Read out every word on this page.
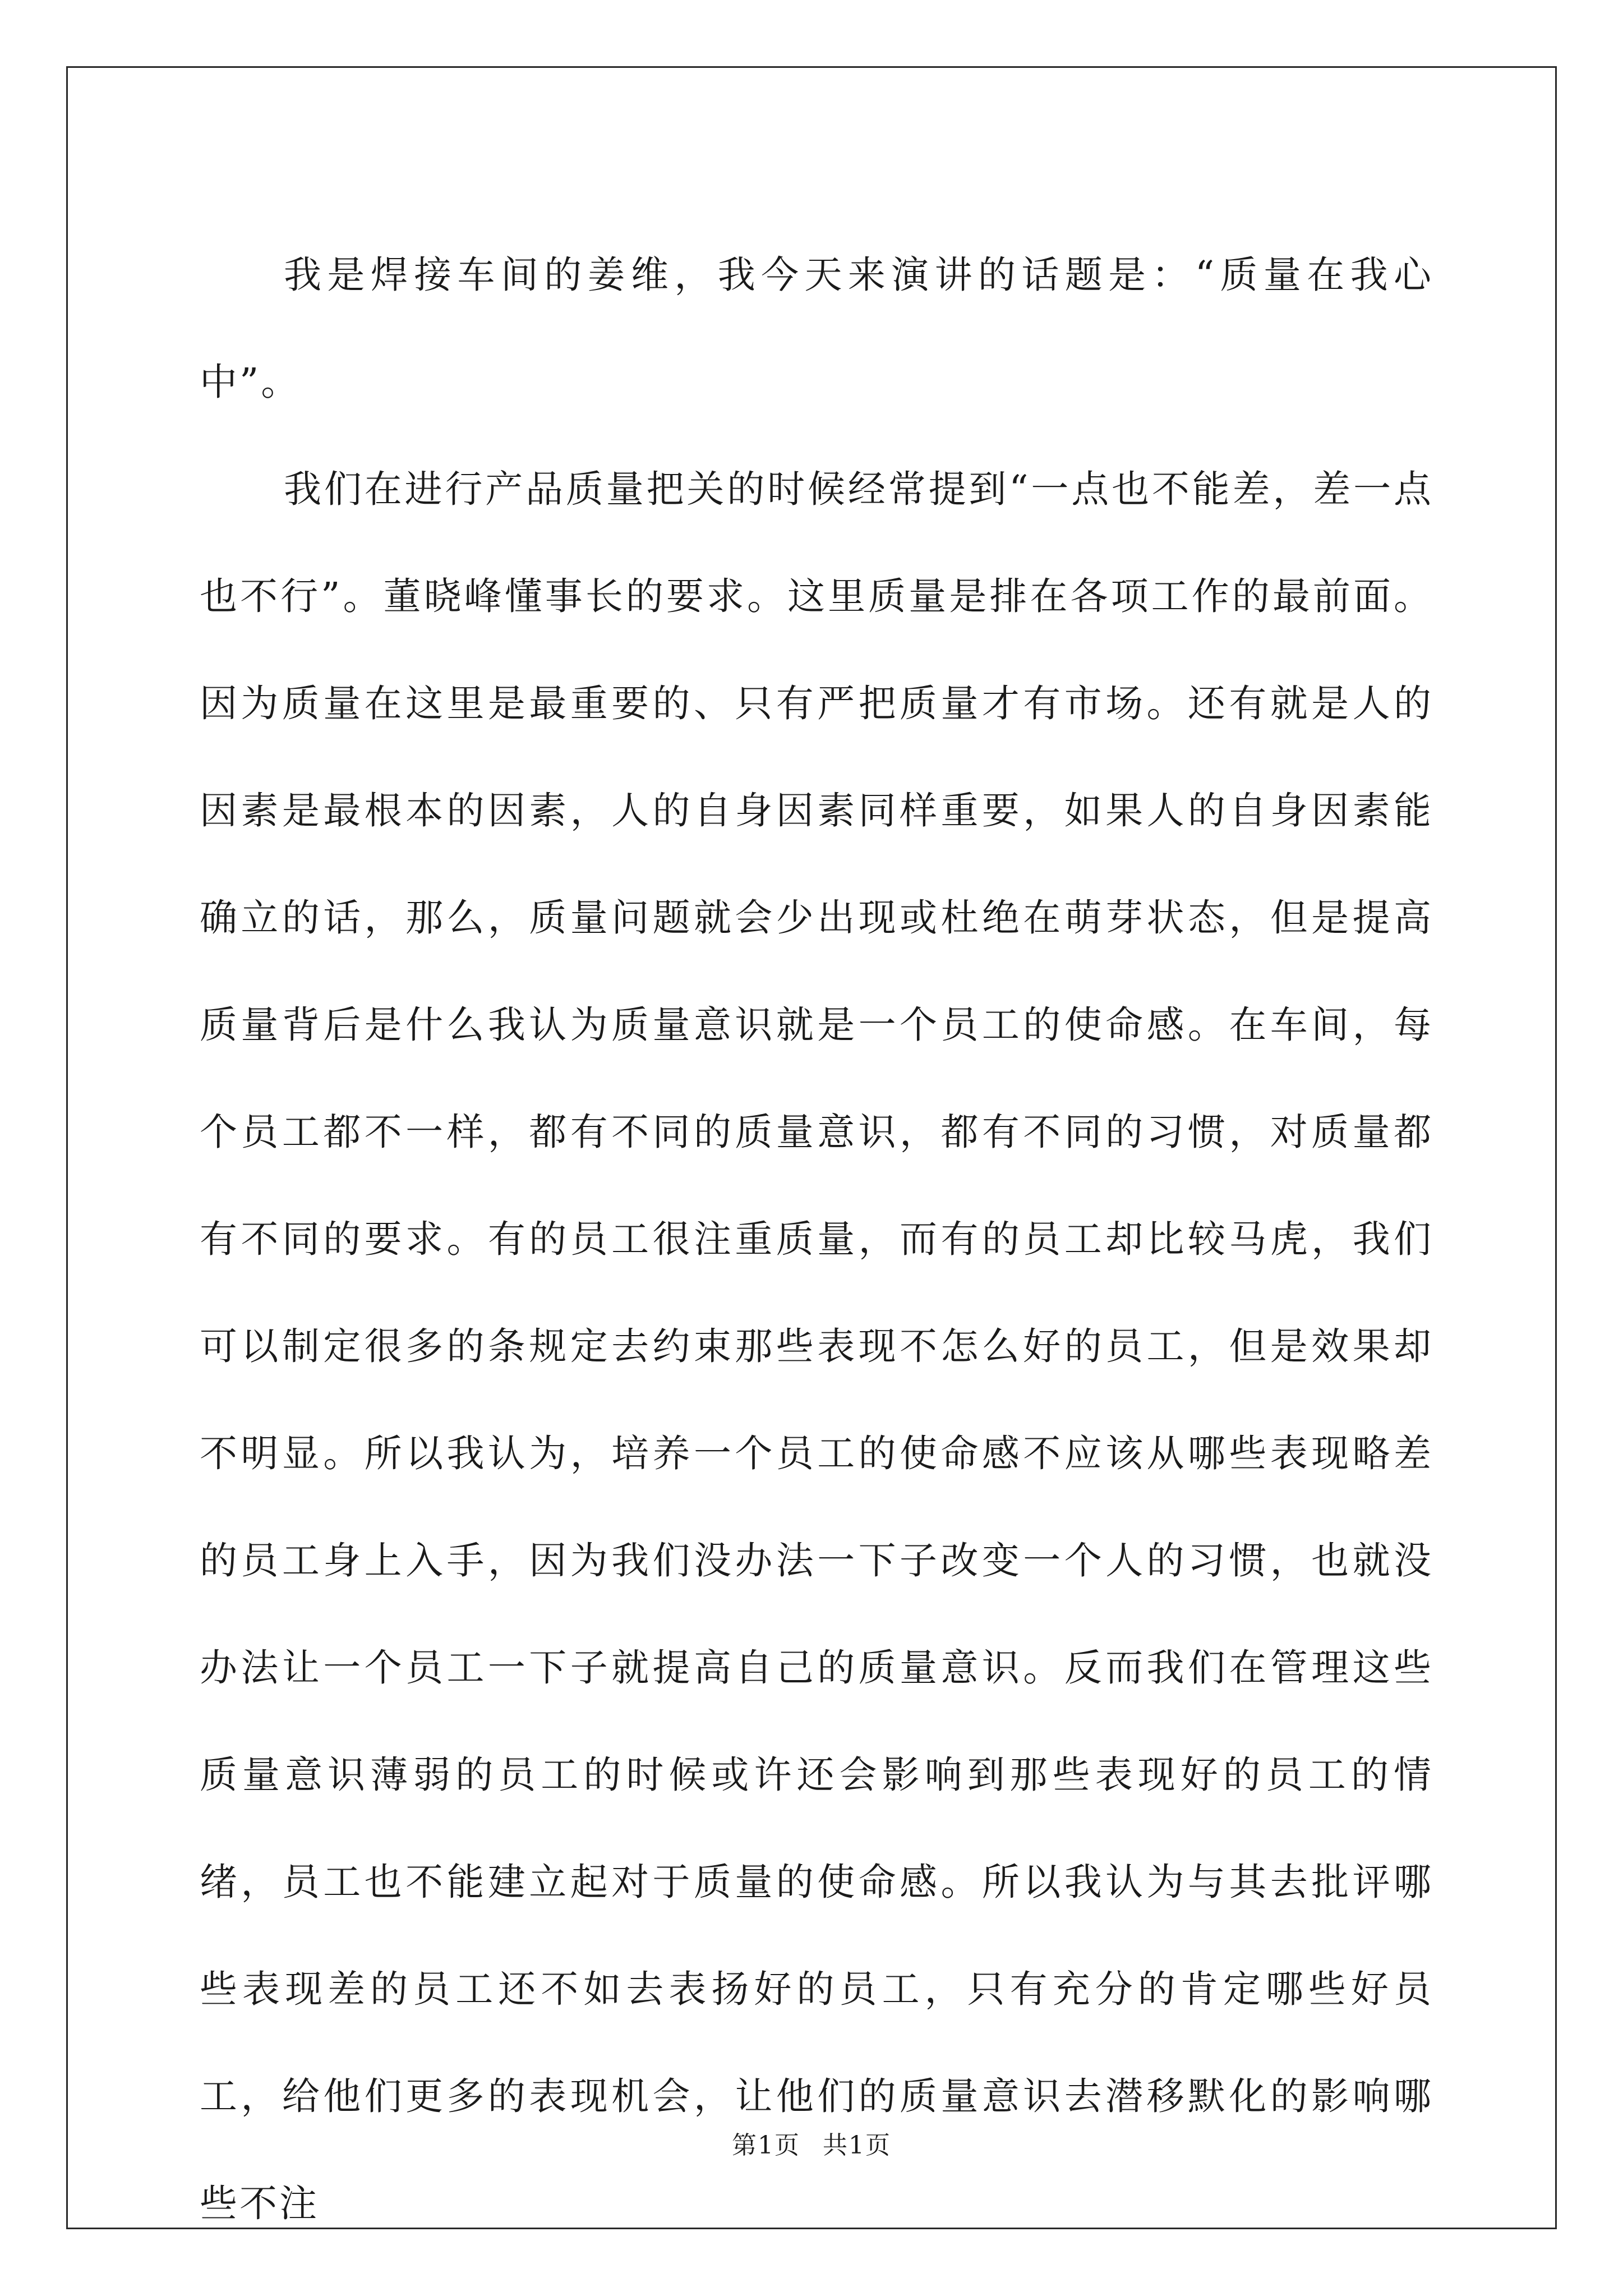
我是焊接车间的姜维，我今天来演讲的话题是：“质量在我心中”。

我们在进行产品质量把关的时候经常提到“一点也不能差，差一点也不行”。董晓峰懂事长的要求。这里质量是排在各项工作的最前面。因为质量在这里是最重要的、只有严把质量才有市场。还有就是人的因素是最根本的因素，人的自身因素同样重要，如果人的自身因素能确立的话，那么，质量问题就会少出现或杜绝在萌芽状态，但是提高质量背后是什么我认为质量意识就是一个员工的使命感。在车间，每个员工都不一样，都有不同的质量意识，都有不同的习惯，对质量都有不同的要求。有的员工很注重质量，而有的员工却比较马虎，我们可以制定很多的条规定去约束那些表现不怎么好的员工，但是效果却不明显。所以我认为，培养一个员工的使命感不应该从哪些表现略差的员工身上入手，因为我们没办法一下子改变一个人的习惯，也就没办法让一个员工一下子就提高自己的质量意识。反而我们在管理这些质量意识薄弱的员工的时候或许还会影响到那些表现好的员工的情绪，员工也不能建立起对于质量的使命感。所以我认为与其去批评哪些表现差的员工还不如去表扬好的员工，只有充分的肯定哪些好员工，给他们更多的表现机会，让他们的质量意识去潜移默化的影响哪些不注

第1页 共1页
